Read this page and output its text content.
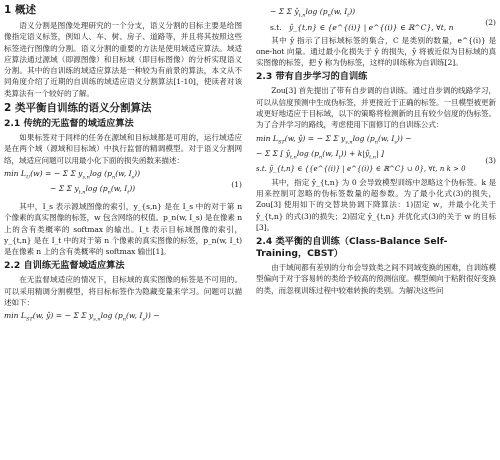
1 概述

语义分割是图像处理研究的一个分支，语义分割的目标主要是给图像指定语义标签，例如人、车、树、房子、道路等，并且将其按照这些标签进行图像的分割。语义分割的重要的方法是使用域适应算法。域适应算法通过源域（即源图像）和目标域（即目标图像）的分析实现语义分割。其中的自训练的域适应算法是一种较为有前景的算法，本文从不同角度介绍了近期的自训练的域适应语义分割算法[1-10]，使读者对该类算法有一个较好的了解。

2 类平衡自训练的语义分割算法
2.1 传统的无监督的域适应算法

如果标签对于同样的任务在源域和目标域都是可用的，运行域适应是在两个域（源域和目标域）中执行监督的精调模型。对于语义分割网络，域适应问题可以用最小化下面的损失函数来描述：

$\min L_U(w)$ = − Σ Σ $y_{s,n}\log$ ($p_n(w$, $I_s$))
− Σ Σ $y_{t,n}\log$ ($p_n(w$, $I_t$))
(1)

其中，I_s 表示源域图像的索引，y_{s,n} 是在 I_s 中的对于第 n 个像素的真实图像的标签，w 包含网络的权值。p_n(w, I_s) 是在像素 n 上的含有类概率的 softmax 的输出。I_t 表示目标域图像的索引，y_{t,n} 是在 I_t 中的对于第 n 个像素的真实图像的标签，p_n(w, I_t) 是在像素 n 上的含有类概率的 softmax 输出[1]。

2.2 自训练无监督域适应算法

在无监督域适应的情况下，目标域的真实图像的标签是不可用的。可以采用精调分割模型，将目标标签作为隐藏变量来学习。问题可以描述如下：

$\min L_{ST}(w$, ŷ) = − Σ Σ $y_{s,n}\log$ ($p_n(w$, $I_s$)) −
− Σ Σ $ŷ_{t,n}\log$ ($p_n(w$, $I_t$))
s.t. ŷ_{t,n} ∈ {e^{(i)} | e^{(i)} ∈ ℝ^C}, ∀t, n
(2)

其中 ŷ 指示了目标域标签的集合，C 是类别的数量，e^{(i)} 是 one-hot 向量。通过最小化损失于 ŷ 的损失，ŷ 将被近似为目标域的真实图像的标签，把 ŷ 称为伪标签，这样的训练称为自训练[2]。

2.3 带有自步学习的自训练

Zou[3] 首先提出了带有自步调的自训练。通过自步调的线路学习，可以从信度预测中生成伪标签，并更接近于正确的标签。一旦模型被更新或更好地适应于目标域，以下的策略将检测新的且有较少信度的伪标签。为了合并学习的路线，考虑使用下面修订的自训练公式：

$\min L_{ST}(w$, ŷ) = − Σ Σ $y_{s,n}\log$ ($p_n(w$, $I_s$)) −
− Σ Σ [ $ŷ_{t,n}\log$ ($p_n(w$, $I_t$)) + $k|ŷ_{t,n}|$ ]
s.t. ŷ_{t,n} ∈ {{e^{(i)} | e^{(i)} ∈ ℝ^C} ∪ 0}, ∀t, n k > 0
(3)

其中，指定 ŷ_{t,n} 为 0 会导致模型训练中忽略这个伪标签。k 是用来控制可忽略的伪标签数量的超参数。为了最小化式(3)的损失，Zou[3] 使用如下的交替块协调下降算法：1)固定 w，并最小化关于 ŷ_{t,n} 的式(3)的损失；2)固定 ŷ_{t,n} 并优化式(3)的关于 w 的目标[3]。

2.4 类平衡的自训练（Class-Balance Self-Training，CBST）

由于域间都有差别的分布会导致类之间不同域变换的困难，自训练模型偏向于对于容易转的类给予较高的预测信度。模型倾向于粘附很好变换的类，而忽视训练过程中较难转换的类别。为解决这些问
